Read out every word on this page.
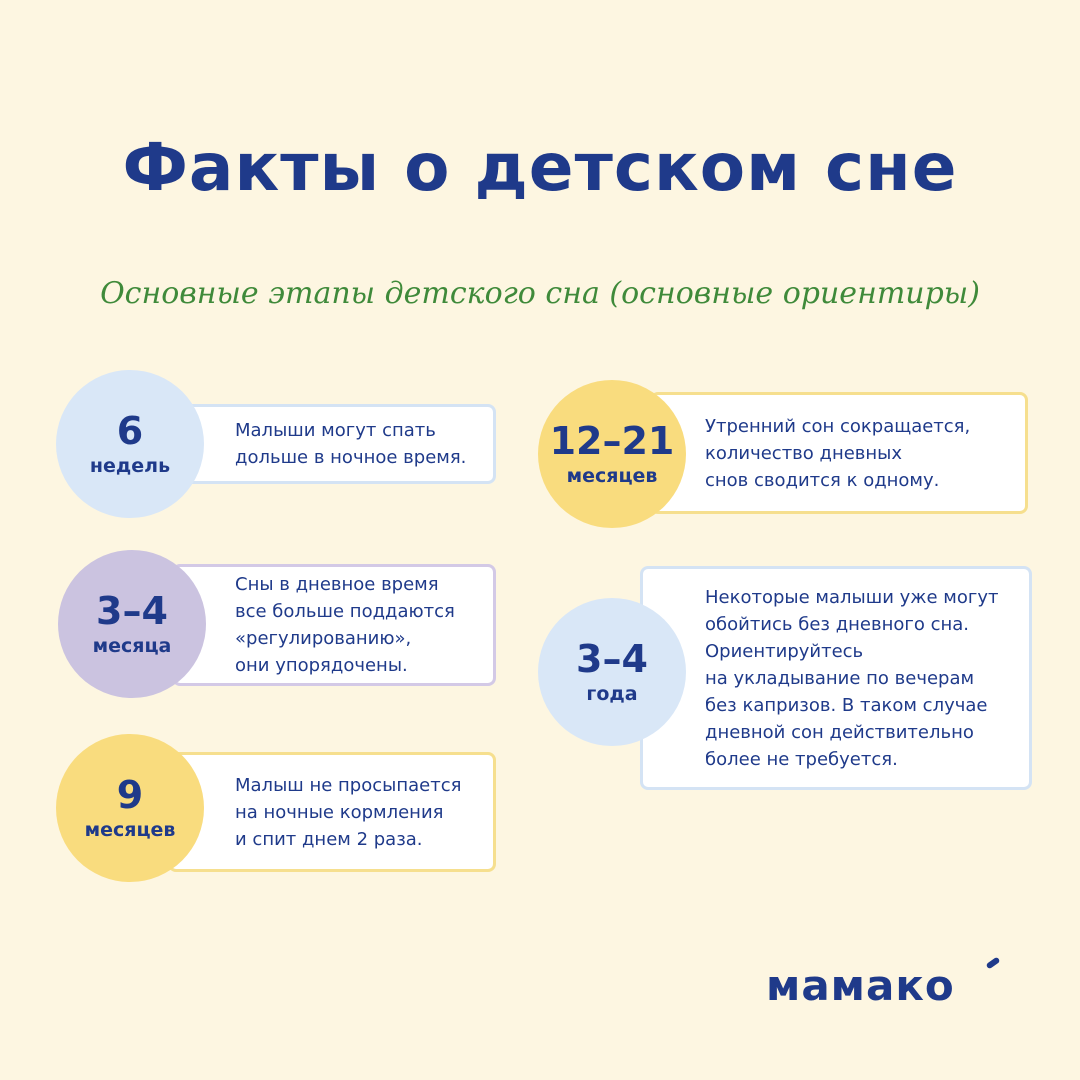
Факты о детском сне
Основные этапы детского сна (основные ориентиры)
Малыши могут спать
дольше в ночное время.
6
недель
Сны в дневное время
все больше поддаются
«регулированию»,
они упорядочены.
3–4
месяца
Малыш не просыпается
на ночные кормления
и спит днем 2 раза.
9
месяцев
Утренний сон сокращается,
количество дневных
снов сводится к одному.
12–21
месяцев
Некоторые малыши уже могут
обойтись без дневного сна.
Ориентируйтесь
на укладывание по вечерам
без капризов. В таком случае
дневной сон действительно
более не требуется.
3–4
года
мамако
